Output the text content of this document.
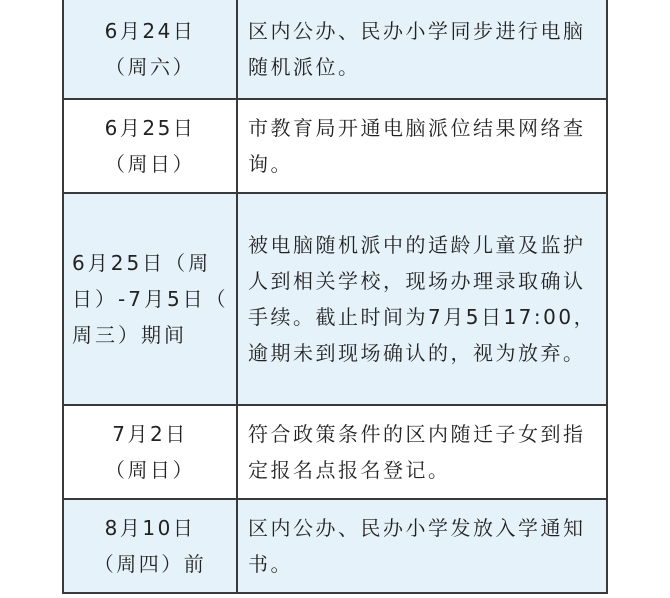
6月24日
（周六）	区内公办、民办小学同步进行电脑随机派位。

6月25日
（周日）	市教育局开通电脑派位结果网络查询。

6月25日（周
日）-7月5日（
周三）期间	被电脑随机派中的适龄儿童及监护人到相关学校，现场办理录取确认手续。截止时间为7月5日17:00，逾期未到现场确认的，视为放弃。

7月2日
（周日）	符合政策条件的区内随迁子女到指定报名点报名登记。

8月10日
（周四）前	区内公办、民办小学发放入学通知书。
